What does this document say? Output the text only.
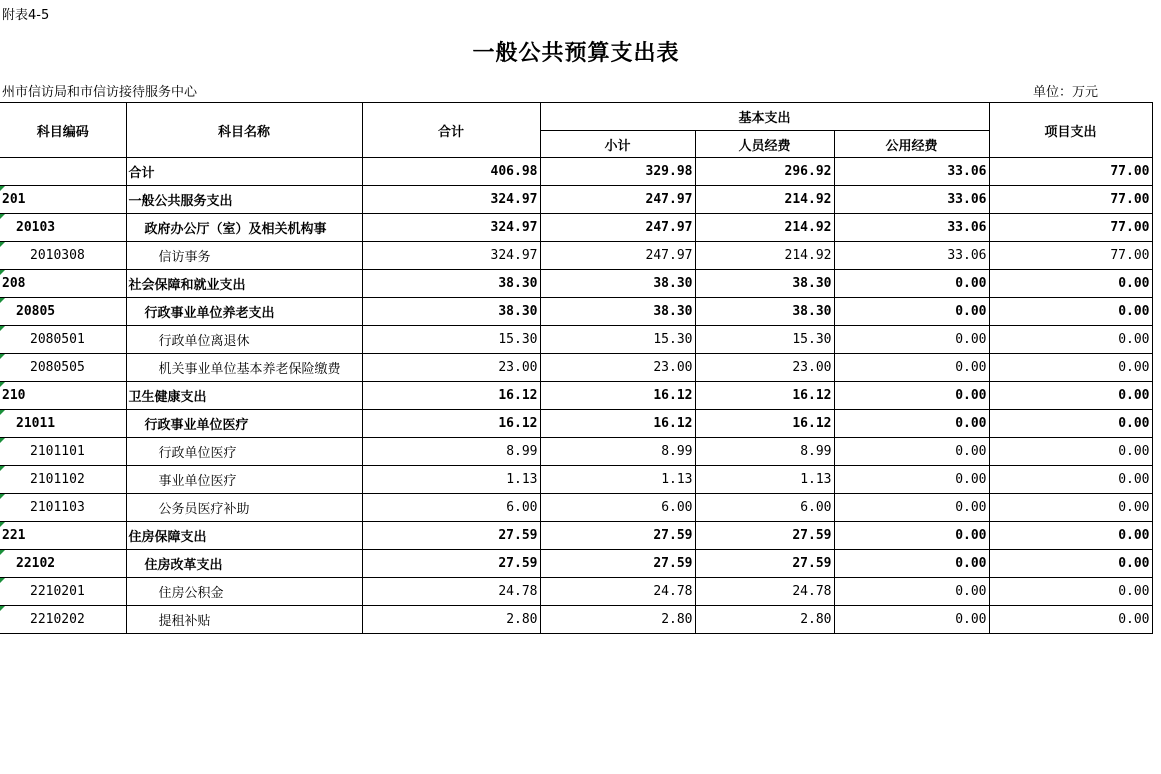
附表4-5
一般公共预算支出表
州市信访局和市信访接待服务中心	单位：万元
科目编码	科目名称	合计	基本支出			项目支出
			小计	人员经费	公用经费	
	合计	406.98	329.98	296.92	33.06	77.00

201	一般公共服务支出	324.97	247.97	214.92	33.06	77.00

20103	政府办公厅（室）及相关机构事	324.97	247.97	214.92	33.06	77.00

2010308	信访事务	324.97	247.97	214.92	33.06	77.00

208	社会保障和就业支出	38.30	38.30	38.30	0.00	0.00

20805	行政事业单位养老支出	38.30	38.30	38.30	0.00	0.00

2080501	行政单位离退休	15.30	15.30	15.30	0.00	0.00

2080505	机关事业单位基本养老保险缴费	23.00	23.00	23.00	0.00	0.00

210	卫生健康支出	16.12	16.12	16.12	0.00	0.00

21011	行政事业单位医疗	16.12	16.12	16.12	0.00	0.00

2101101	行政单位医疗	8.99	8.99	8.99	0.00	0.00

2101102	事业单位医疗	1.13	1.13	1.13	0.00	0.00

2101103	公务员医疗补助	6.00	6.00	6.00	0.00	0.00

221	住房保障支出	27.59	27.59	27.59	0.00	0.00

22102	住房改革支出	27.59	27.59	27.59	0.00	0.00

2210201	住房公积金	24.78	24.78	24.78	0.00	0.00

2210202	提租补贴	2.80	2.80	2.80	0.00	0.00
